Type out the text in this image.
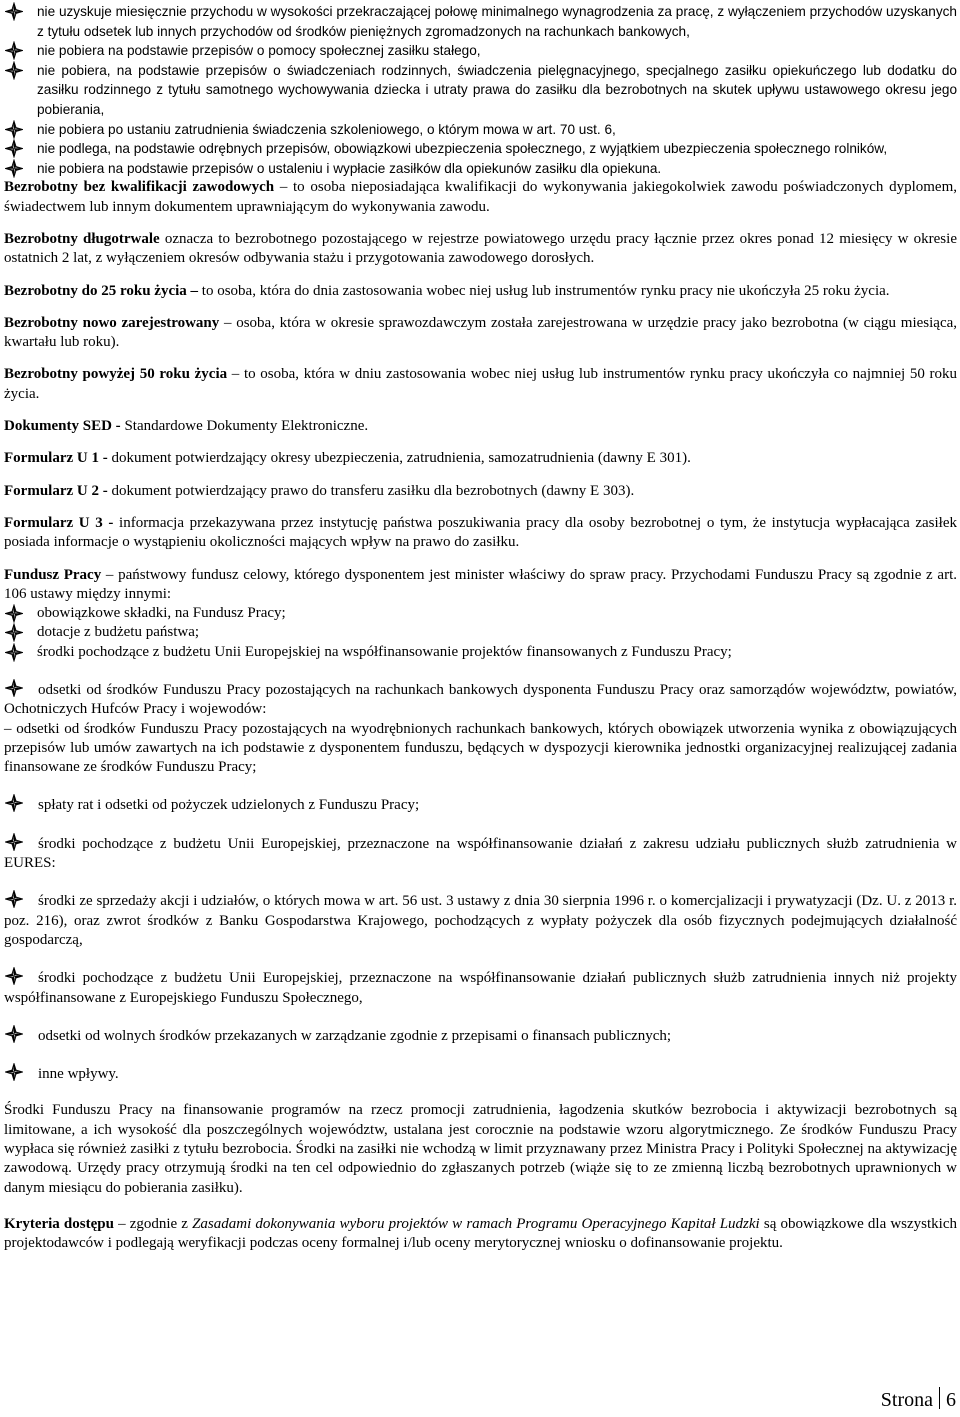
nie uzyskuje miesięcznie przychodu w wysokości przekraczającej połowę minimalnego wynagrodzenia za pracę, z wyłączeniem przychodów uzyskanych z tytułu odsetek lub innych przychodów od środków pieniężnych zgromadzonych na rachunkach bankowych,
nie pobiera na podstawie przepisów o pomocy społecznej zasiłku stałego,
nie pobiera, na podstawie przepisów o świadczeniach rodzinnych, świadczenia pielęgnacyjnego, specjalnego zasiłku opiekuńczego lub dodatku do zasiłku rodzinnego z tytułu samotnego wychowywania dziecka i utraty prawa do zasiłku dla bezrobotnych na skutek upływu ustawowego okresu jego pobierania,
nie pobiera po ustaniu zatrudnienia świadczenia szkoleniowego, o którym mowa w art. 70 ust. 6,
nie podlega, na podstawie odrębnych przepisów, obowiązkowi ubezpieczenia społecznego, z wyjątkiem ubezpieczenia społecznego rolników,
nie pobiera na podstawie przepisów o ustaleniu i wypłacie zasiłków dla opiekunów zasiłku dla opiekuna.

Bezrobotny bez kwalifikacji zawodowych – to osoba nieposiadająca kwalifikacji do wykonywania jakiegokolwiek zawodu poświadczonych dyplomem, świadectwem lub innym dokumentem uprawniającym do wykonywania zawodu.

Bezrobotny długotrwale oznacza to bezrobotnego pozostającego w rejestrze powiatowego urzędu pracy łącznie przez okres ponad 12 miesięcy w okresie ostatnich 2 lat, z wyłączeniem okresów odbywania stażu i przygotowania zawodowego dorosłych.

Bezrobotny do 25 roku życia – to osoba, która do dnia zastosowania wobec niej usług lub instrumentów rynku pracy nie ukończyła 25 roku życia.

Bezrobotny nowo zarejestrowany – osoba, która w okresie sprawozdawczym została zarejestrowana w urzędzie pracy jako bezrobotna (w ciągu miesiąca, kwartału lub roku).

Bezrobotny powyżej 50 roku życia – to osoba, która w dniu zastosowania wobec niej usług lub instrumentów rynku pracy ukończyła co najmniej 50 roku życia.

Dokumenty SED - Standardowe Dokumenty Elektroniczne.

Formularz U 1 - dokument potwierdzający okresy ubezpieczenia, zatrudnienia, samozatrudnienia (dawny E 301).

Formularz U 2 - dokument potwierdzający prawo do transferu zasiłku dla bezrobotnych (dawny E 303).

Formularz U 3 - informacja przekazywana przez instytucję państwa poszukiwania pracy dla osoby bezrobotnej o tym, że instytucja wypłacająca zasiłek posiada informacje o wystąpieniu okoliczności mających wpływ na prawo do zasiłku.

Fundusz Pracy – państwowy fundusz celowy, którego dysponentem jest minister właściwy do spraw pracy. Przychodami Funduszu Pracy są zgodnie z art. 106 ustawy między innymi:

obowiązkowe składki, na Fundusz Pracy;
dotacje z budżetu państwa;
środki pochodzące z budżetu Unii Europejskiej na współfinansowanie projektów finansowanych z Funduszu Pracy;

odsetki od środków Funduszu Pracy pozostających na rachunkach bankowych dysponenta Funduszu Pracy oraz samorządów województw, powiatów, Ochotniczych Hufców Pracy i wojewodów:

– odsetki od środków Funduszu Pracy pozostających na wyodrębnionych rachunkach bankowych, których obowiązek utworzenia wynika z obowiązujących przepisów lub umów zawartych na ich podstawie z dysponentem funduszu, będących w dyspozycji kierownika jednostki organizacyjnej realizującej zadania finansowane ze środków Funduszu Pracy;

spłaty rat i odsetki od pożyczek udzielonych z Funduszu Pracy;

środki pochodzące z budżetu Unii Europejskiej, przeznaczone na współfinansowanie działań z zakresu udziału publicznych służb zatrudnienia w EURES:

środki ze sprzedaży akcji i udziałów, o których mowa w art. 56 ust. 3 ustawy z dnia 30 sierpnia 1996 r. o komercjalizacji i prywatyzacji (Dz. U. z 2013 r. poz. 216), oraz zwrot środków z Banku Gospodarstwa Krajowego, pochodzących z wypłaty pożyczek dla osób fizycznych podejmujących działalność gospodarczą,

środki pochodzące z budżetu Unii Europejskiej, przeznaczone na współfinansowanie działań publicznych służb zatrudnienia innych niż projekty współfinansowane z Europejskiego Funduszu Społecznego,

odsetki od wolnych środków przekazanych w zarządzanie zgodnie z przepisami o finansach publicznych;

inne wpływy.

Środki Funduszu Pracy na finansowanie programów na rzecz promocji zatrudnienia, łagodzenia skutków bezrobocia i aktywizacji bezrobotnych są limitowane, a ich wysokość dla poszczególnych województw, ustalana jest corocznie na podstawie wzoru algorytmicznego. Ze środków Funduszu Pracy wypłaca się również zasiłki z tytułu bezrobocia. Środki na zasiłki nie wchodzą w limit przyznawany przez Ministra Pracy i Polityki Społecznej na aktywizację zawodową. Urzędy pracy otrzymują środki na ten cel odpowiednio do zgłaszanych potrzeb (wiąże się to ze zmienną liczbą bezrobotnych uprawnionych w danym miesiącu do pobierania zasiłku).

Kryteria dostępu – zgodnie z Zasadami dokonywania wyboru projektów w ramach Programu Operacyjnego Kapitał Ludzki są obowiązkowe dla wszystkich projektodawców i podlegają weryfikacji podczas oceny formalnej i/lub oceny merytorycznej wniosku o dofinansowanie projektu.

Strona 6
